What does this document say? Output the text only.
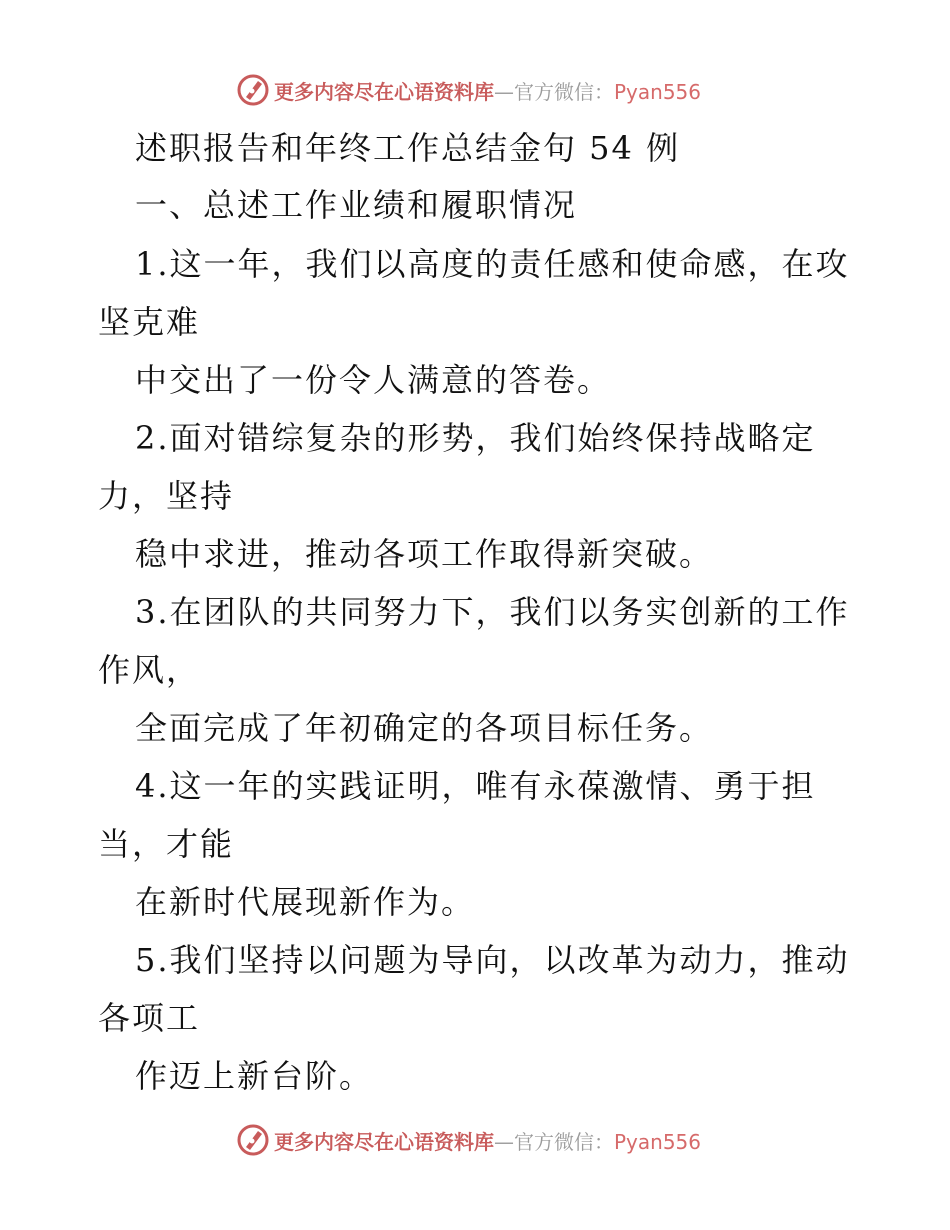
更多内容尽在心语资料库—官方微信：Pyan556
述职报告和年终工作总结金句 54 例
一、总述工作业绩和履职情况
1.这一年，我们以高度的责任感和使命感，在攻
坚克难
中交出了一份令人满意的答卷。
2.面对错综复杂的形势，我们始终保持战略定
力，坚持
稳中求进，推动各项工作取得新突破。
3.在团队的共同努力下，我们以务实创新的工作
作风，
全面完成了年初确定的各项目标任务。
4.这一年的实践证明，唯有永葆激情、勇于担
当，才能
在新时代展现新作为。
5.我们坚持以问题为导向，以改革为动力，推动
各项工
作迈上新台阶。
更多内容尽在心语资料库—官方微信：Pyan556
